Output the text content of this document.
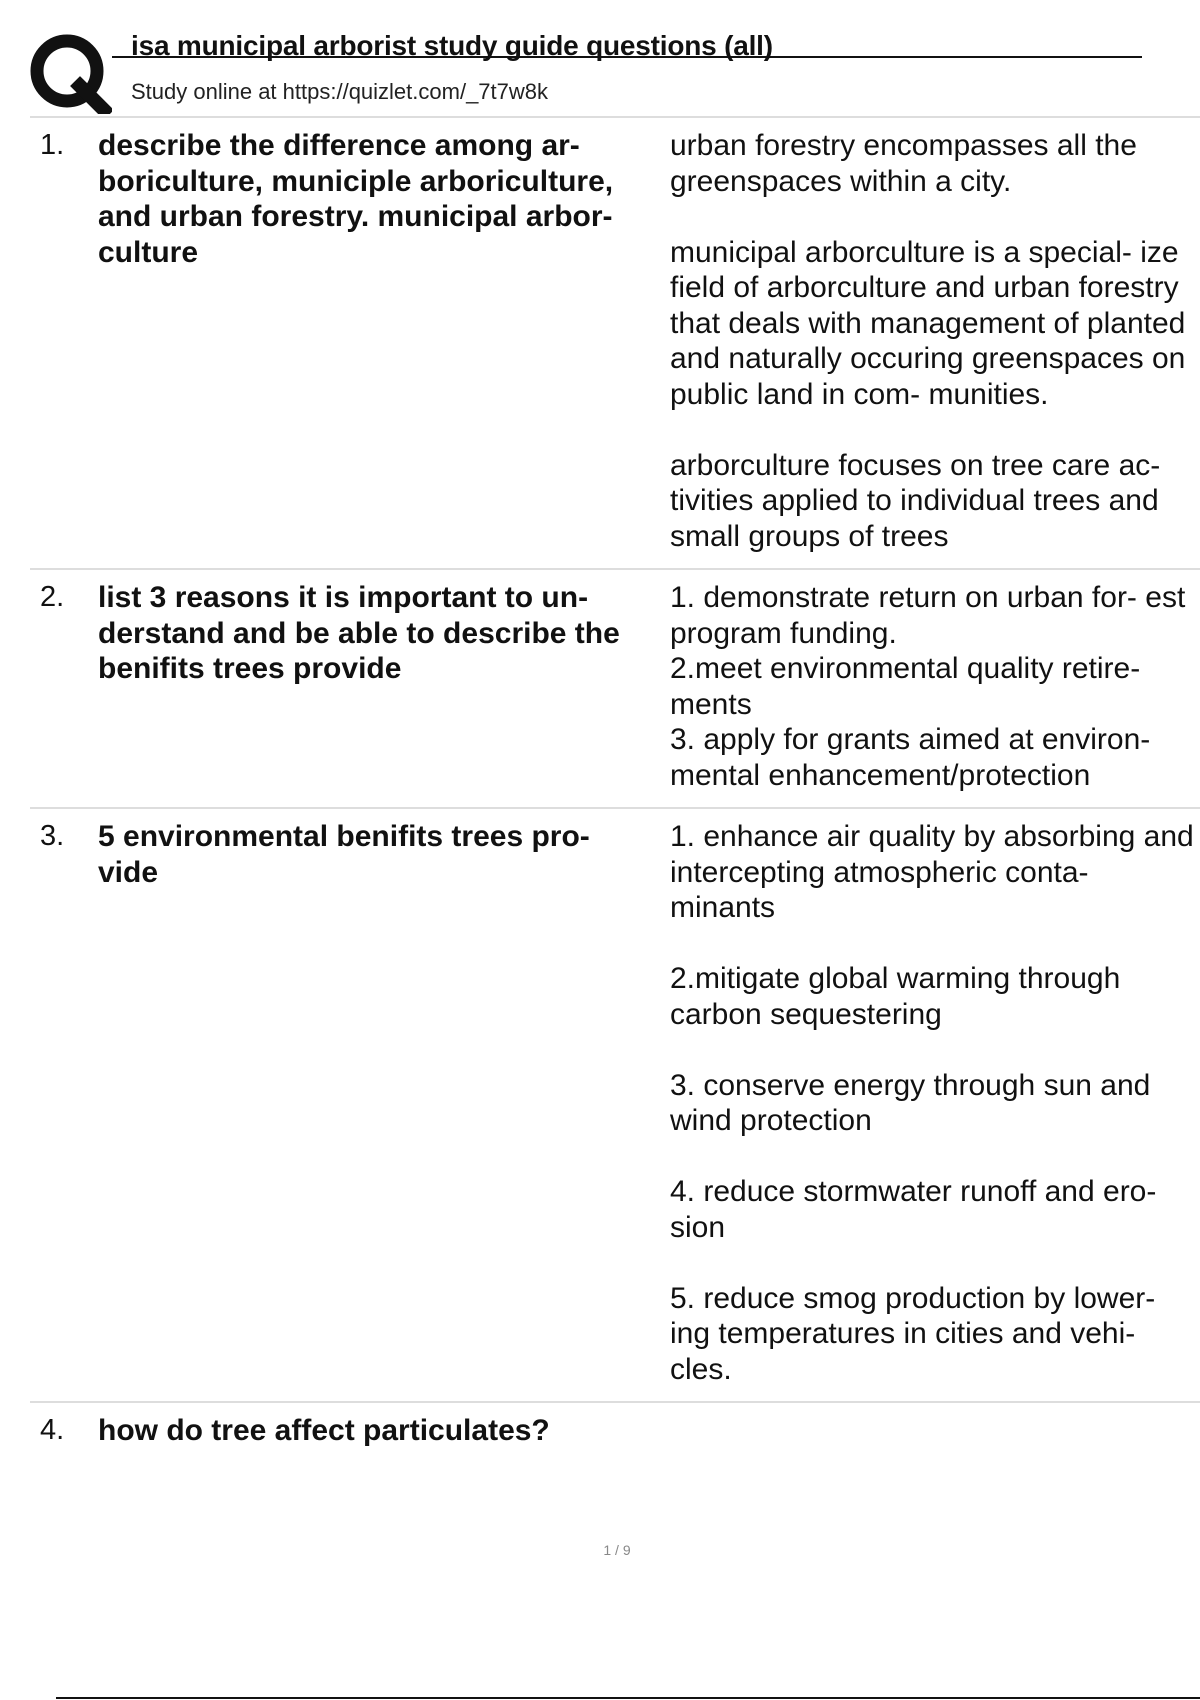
isa municipal arborist study guide questions (all)
Study online at https://quizlet.com/_7t7w8k
1. describe the difference among ar- boriculture, municiple arboriculture, and urban forestry. municipal arbor- culture
urban forestry encompasses all the greenspaces within a city.
municipal arborculture is a special- ize field of arborculture and urban forestry that deals with management of planted and naturally occuring greenspaces on public land in com- munities.
arborculture focuses on tree care ac- tivities applied to individual trees and small groups of trees
2. list 3 reasons it is important to un- derstand and be able to describe the benifits trees provide
1. demonstrate return on urban for- est program funding.
2.meet environmental quality retire- ments
3. apply for grants aimed at environ- mental enhancement/protection
3. 5 environmental benifits trees pro- vide
1. enhance air quality by absorbing and intercepting atmospheric conta- minants
2.mitigate global warming through carbon sequestering
3. conserve energy through sun and wind protection
4. reduce stormwater runoff and ero- sion
5. reduce smog production by lower- ing temperatures in cities and vehi- cles.
4. how do tree affect particulates?
1 / 9
